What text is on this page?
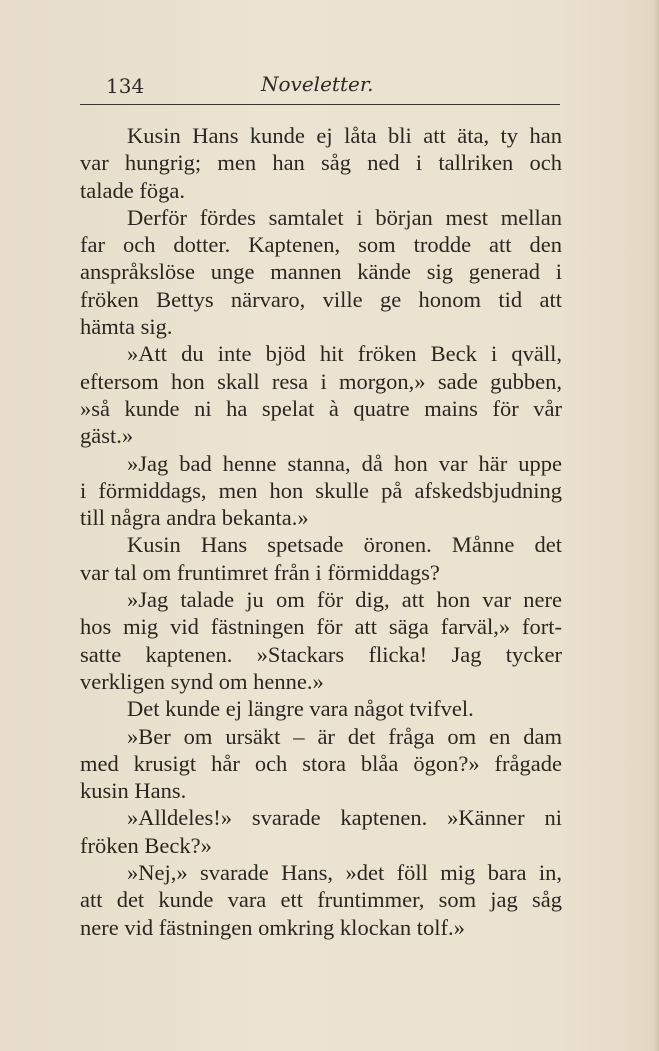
134	Noveletter.
Kusin Hans kunde ej låta bli att äta, ty han
var hungrig; men han såg ned i tallriken och
talade föga.
Derför fördes samtalet i början mest mellan
far och dotter. Kaptenen, som trodde att den
anspråkslöse unge mannen kände sig generad i
fröken Bettys närvaro, ville ge honom tid att
hämta sig.
»Att du inte bjöd hit fröken Beck i qväll,
eftersom hon skall resa i morgon,» sade gubben,
»så kunde ni ha spelat à quatre mains för vår
gäst.»
»Jag bad henne stanna, då hon var här uppe
i förmiddags, men hon skulle på afskedsbjudning
till några andra bekanta.»
Kusin Hans spetsade öronen. Månne det
var tal om fruntimret från i förmiddags?
»Jag talade ju om för dig, att hon var nere
hos mig vid fästningen för att säga farväl,» fort-
satte kaptenen. »Stackars flicka! Jag tycker
verkligen synd om henne.»
Det kunde ej längre vara något tvifvel.
»Ber om ursäkt – är det fråga om en dam
med krusigt hår och stora blåa ögon?» frågade
kusin Hans.
»Alldeles!» svarade kaptenen. »Känner ni
fröken Beck?»
»Nej,» svarade Hans, »det föll mig bara in,
att det kunde vara ett fruntimmer, som jag såg
nere vid fästningen omkring klockan tolf.»
